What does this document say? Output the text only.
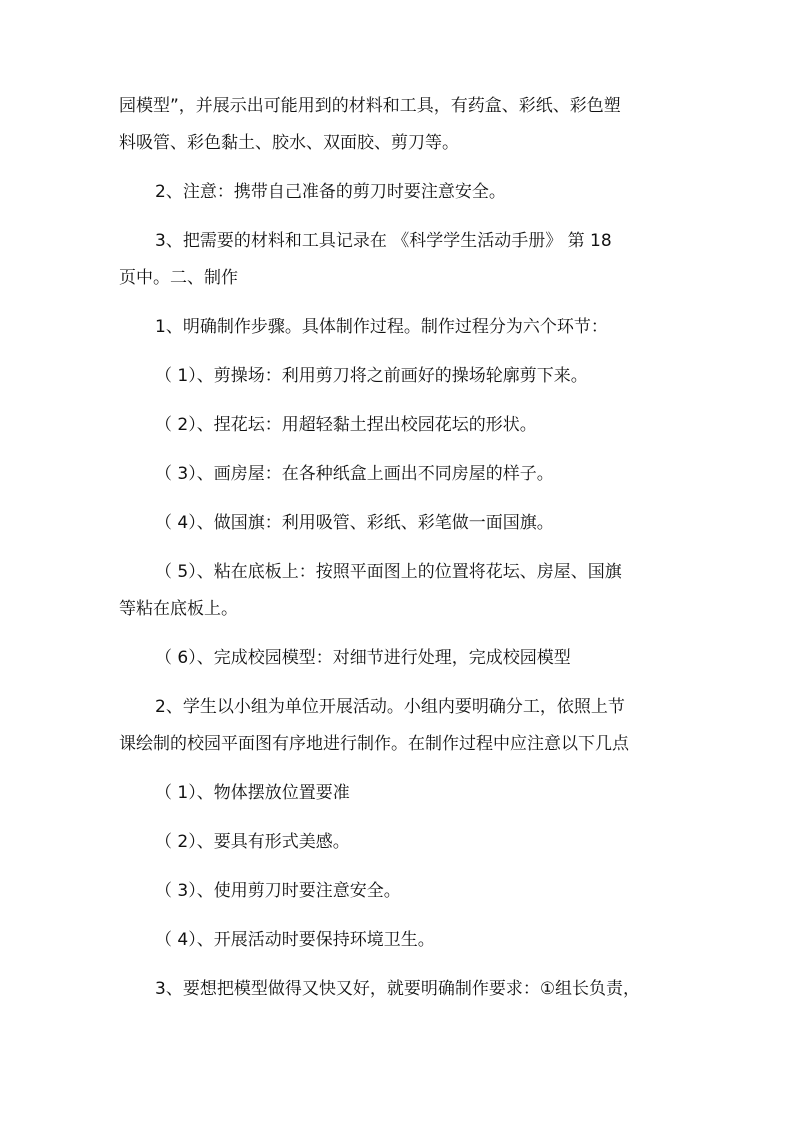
园模型”，并展示出可能用到的材料和工具，有药盒、彩纸、彩色塑
料吸管、彩色黏土、胶水、双面胶、剪刀等。
2、注意：携带自己准备的剪刀时要注意安全。
3、把需要的材料和工具记录在 《科学学生活动手册》 第 18
页中。二、制作
1、明确制作步骤。具体制作过程。制作过程分为六个环节：
（ 1）、剪操场：利用剪刀将之前画好的操场轮廓剪下来。
（ 2）、捏花坛：用超轻黏土捏出校园花坛的形状。
（ 3）、画房屋：在各种纸盒上画出不同房屋的样子。
（ 4）、做国旗：利用吸管、彩纸、彩笔做一面国旗。
（ 5）、粘在底板上：按照平面图上的位置将花坛、房屋、国旗
等粘在底板上。
（ 6）、完成校园模型：对细节进行处理，完成校园模型
2、学生以小组为单位开展活动。小组内要明确分工，依照上节
课绘制的校园平面图有序地进行制作。在制作过程中应注意以下几点
（ 1）、物体摆放位置要准
（ 2）、要具有形式美感。
（ 3）、使用剪刀时要注意安全。
（ 4）、开展活动时要保持环境卫生。
3、要想把模型做得又快又好，就要明确制作要求：①组长负责，
